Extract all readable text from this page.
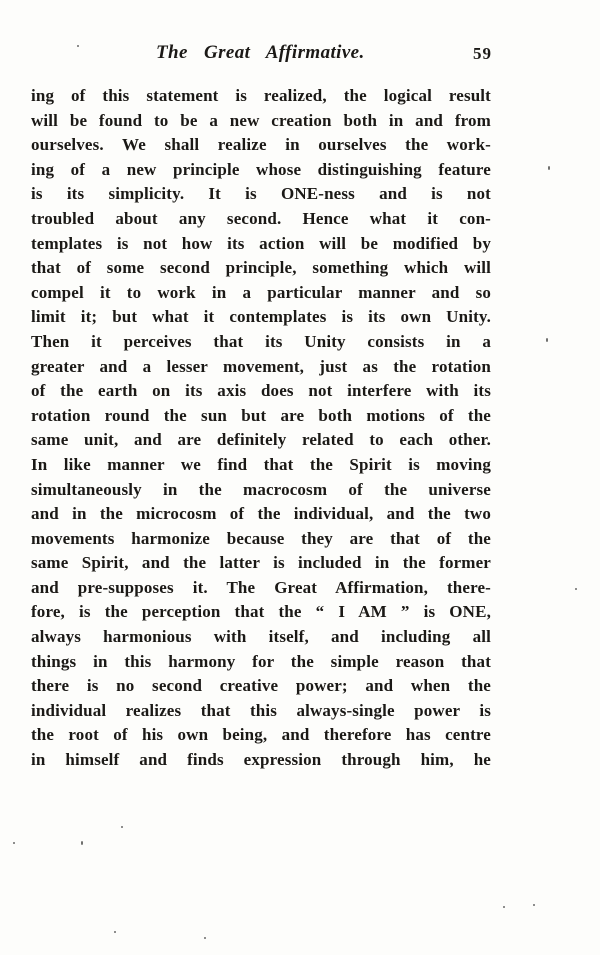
The Great Affirmative.	59
ing of this statement is realized, the logical result
will be found to be a new creation both in and from
ourselves. We shall realize in ourselves the work-
ing of a new principle whose distinguishing feature
is its simplicity. It is ONE-ness and is not
troubled about any second. Hence what it con-
templates is not how its action will be modified by
that of some second principle, something which will
compel it to work in a particular manner and so
limit it; but what it contemplates is its own Unity.
Then it perceives that its Unity consists in a
greater and a lesser movement, just as the rotation
of the earth on its axis does not interfere with its
rotation round the sun but are both motions of the
same unit, and are definitely related to each other.
In like manner we find that the Spirit is moving
simultaneously in the macrocosm of the universe
and in the microcosm of the individual, and the two
movements harmonize because they are that of the
same Spirit, and the latter is included in the former
and pre-supposes it. The Great Affirmation, there-
fore, is the perception that the “ I AM ” is ONE,
always harmonious with itself, and including all
things in this harmony for the simple reason that
there is no second creative power; and when the
individual realizes that this always-single power is
the root of his own being, and therefore has centre
in himself and finds expression through him, he
